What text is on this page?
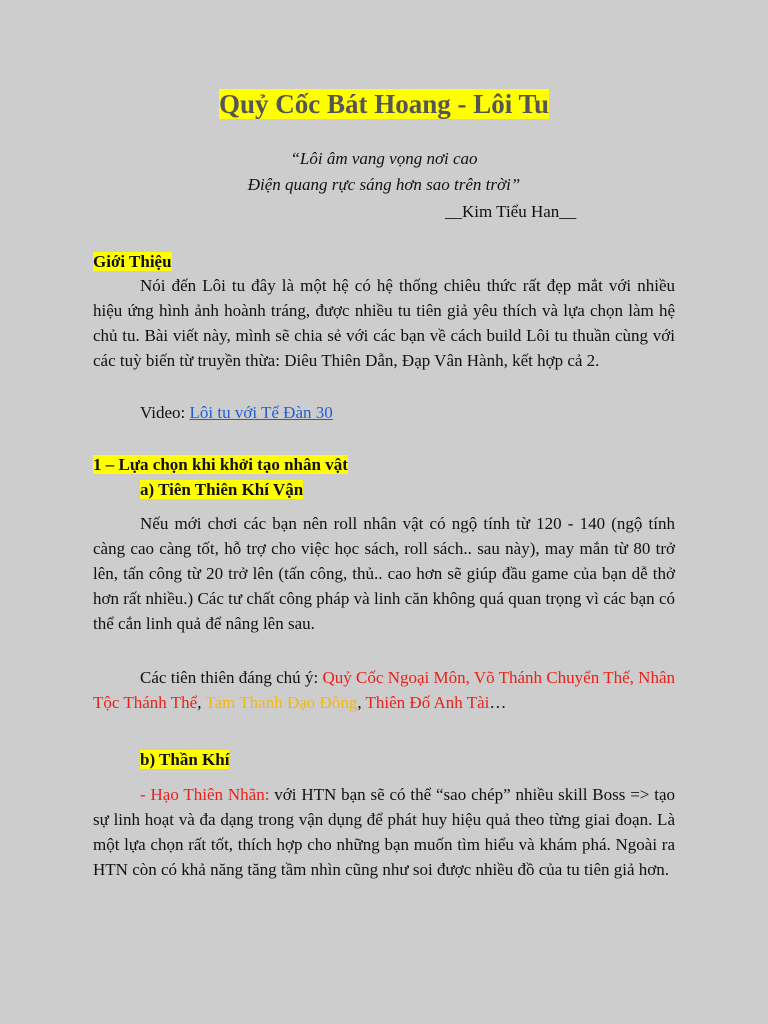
Quỷ Cốc Bát Hoang - Lôi Tu
“Lôi âm vang vọng nơi cao
Điện quang rực sáng hơn sao trên trời”
__Kim Tiểu Han__
Giới Thiệu

Nói đến Lôi tu đây là một hệ có hệ thống chiêu thức rất đẹp mắt với nhiều hiệu ứng hình ảnh hoành tráng, được nhiều tu tiên giả yêu thích và lựa chọn làm hệ chủ tu. Bài viết này, mình sẽ chia sẻ với các bạn về cách build Lôi tu thuần cùng với các tuỳ biến từ truyền thừa: Diêu Thiên Dẫn, Đạp Vân Hành, kết hợp cả 2.

Video: Lôi tu với Tế Đàn 30
1 – Lựa chọn khi khởi tạo nhân vật
a) Tiên Thiên Khí Vận

Nếu mới chơi các bạn nên roll nhân vật có ngộ tính từ 120 - 140 (ngộ tính càng cao càng tốt, hỗ trợ cho việc học sách, roll sách.. sau này), may mắn từ 80 trở lên, tấn công từ 20 trở lên (tấn công, thủ.. cao hơn sẽ giúp đầu game của bạn dễ thở hơn rất nhiều.) Các tư chất công pháp và linh căn không quá quan trọng vì các bạn có thể cắn linh quả để nâng lên sau.

Các tiên thiên đáng chú ý: Quỷ Cốc Ngoại Môn, Võ Thánh Chuyển Thế, Nhân Tộc Thánh Thể, Tam Thanh Đạo Đồng, Thiên Đố Anh Tài…

b) Thần Khí

- Hạo Thiên Nhãn: với HTN bạn sẽ có thể “sao chép” nhiều skill Boss => tạo sự linh hoạt và đa dạng trong vận dụng để phát huy hiệu quả theo từng giai đoạn. Là một lựa chọn rất tốt, thích hợp cho những bạn muốn tìm hiểu và khám phá. Ngoài ra HTN còn có khả năng tăng tầm nhìn cũng như soi được nhiều đồ của tu tiên giả hơn.
